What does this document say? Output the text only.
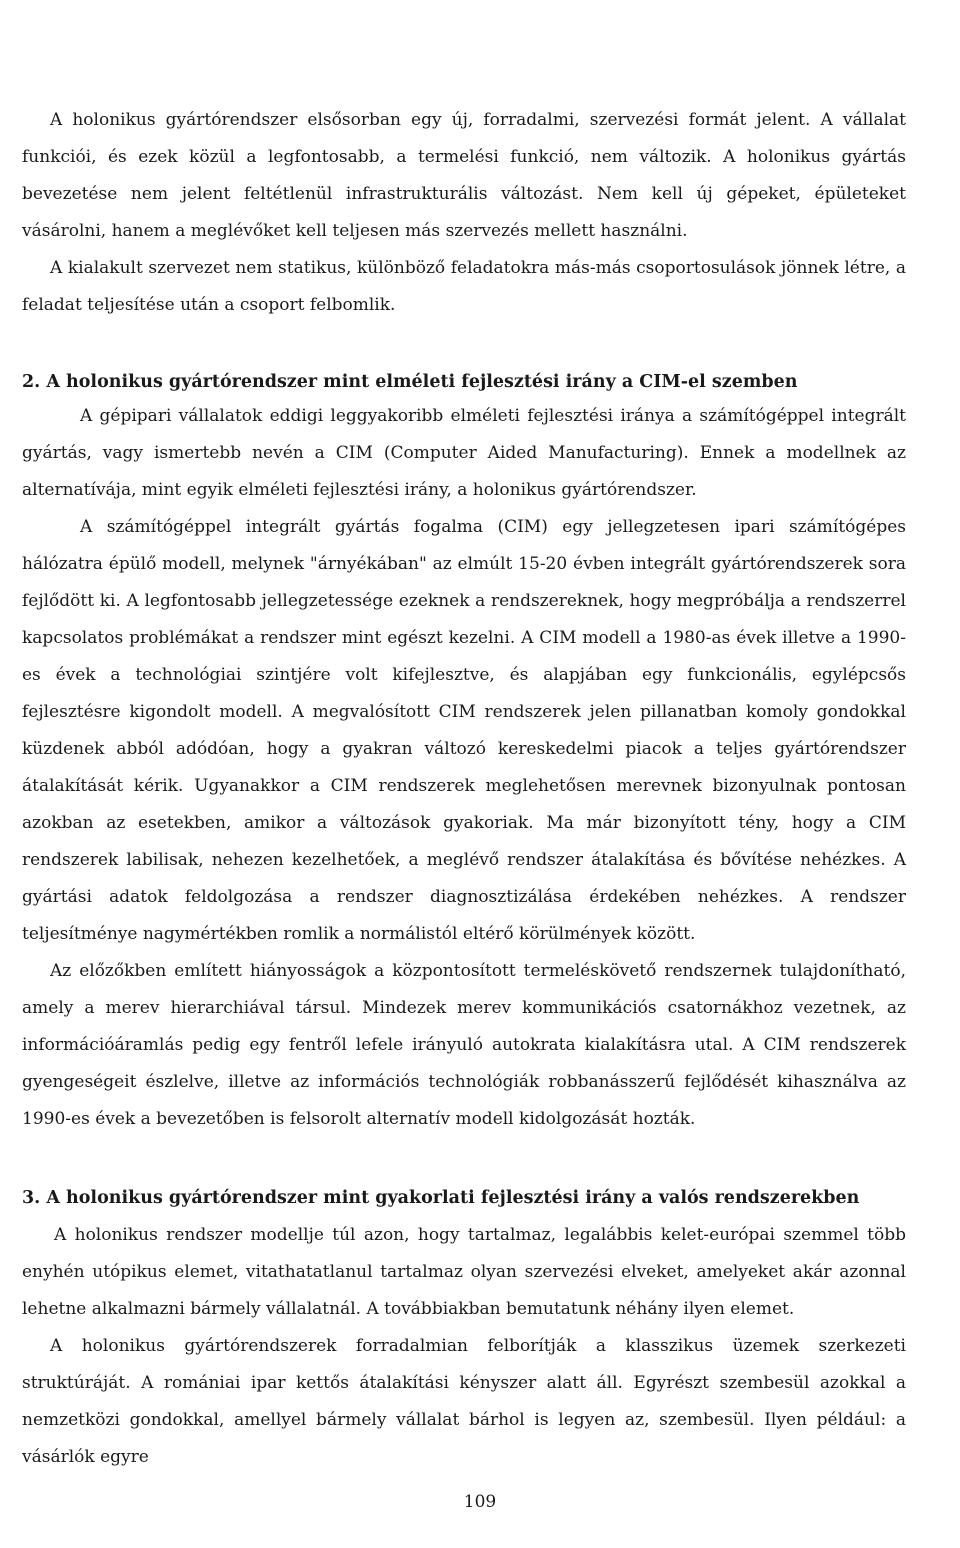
A holonikus gyártórendszer elsősorban egy új, forradalmi, szervezési formát jelent. A vállalat funkciói, és ezek közül a legfontosabb, a termelési funkció, nem változik. A holonikus gyártás bevezetése nem jelent feltétlenül infrastrukturális változást. Nem kell új gépeket, épületeket vásárolni, hanem a meglévőket kell teljesen más szervezés mellett használni.

A kialakult szervezet nem statikus, különböző feladatokra más-más csoportosulások jönnek létre, a feladat teljesítése után a csoport felbomlik.

2. A holonikus gyártórendszer mint elméleti fejlesztési irány a CIM-el szemben

A gépipari vállalatok eddigi leggyakoribb elméleti fejlesztési iránya a számítógéppel integrált gyártás, vagy ismertebb nevén a CIM (Computer Aided Manufacturing). Ennek a modellnek az alternatívája, mint egyik elméleti fejlesztési irány, a holonikus gyártórendszer.

A számítógéppel integrált gyártás fogalma (CIM) egy jellegzetesen ipari számítógépes hálózatra épülő modell, melynek "árnyékában" az elmúlt 15-20 évben integrált gyártórendszerek sora fejlődött ki. A legfontosabb jellegzetessége ezeknek a rendszereknek, hogy megpróbálja a rendszerrel kapcsolatos problémákat a rendszer mint egészt kezelni. A CIM modell a 1980-as évek illetve a 1990-es évek a technológiai szintjére volt kifejlesztve, és alapjában egy funkcionális, egylépcsős fejlesztésre kigondolt modell. A megvalósított CIM rendszerek jelen pillanatban komoly gondokkal küzdenek abból adódóan, hogy a gyakran változó kereskedelmi piacok a teljes gyártórendszer átalakítását kérik. Ugyanakkor a CIM rendszerek meglehetősen merevnek bizonyulnak pontosan azokban az esetekben, amikor a változások gyakoriak. Ma már bizonyított tény, hogy a CIM rendszerek labilisak, nehezen kezelhetőek, a meglévő rendszer átalakítása és bővítése nehézkes. A gyártási adatok feldolgozása a rendszer diagnosztizálása érdekében nehézkes. A rendszer teljesítménye nagymértékben romlik a normálistól eltérő körülmények között.

Az előzőkben említett hiányosságok a központosított termeléskövető rendszernek tulajdonítható, amely a merev hierarchiával társul. Mindezek merev kommunikációs csatornákhoz vezetnek, az információáramlás pedig egy fentről lefele irányuló autokrata kialakításra utal. A CIM rendszerek gyengeségeit észlelve, illetve az információs technológiák robbanásszerű fejlődését kihasználva az 1990-es évek a bevezetőben is felsorolt alternatív modell kidolgozását hozták.

3. A holonikus gyártórendszer mint gyakorlati fejlesztési irány a valós rendszerekben

A holonikus rendszer modellje túl azon, hogy tartalmaz, legalábbis kelet-európai szemmel több enyhén utópikus elemet, vitathatatlanul tartalmaz olyan szervezési elveket, amelyeket akár azonnal lehetne alkalmazni bármely vállalatnál. A továbbiakban bemutatunk néhány ilyen elemet.

A holonikus gyártórendszerek forradalmian felborítják a klasszikus üzemek szerkezeti struktúráját. A romániai ipar kettős átalakítási kényszer alatt áll. Egyrészt szembesül azokkal a nemzetközi gondokkal, amellyel bármely vállalat bárhol is legyen az, szembesül. Ilyen például: a vásárlók egyre

109
